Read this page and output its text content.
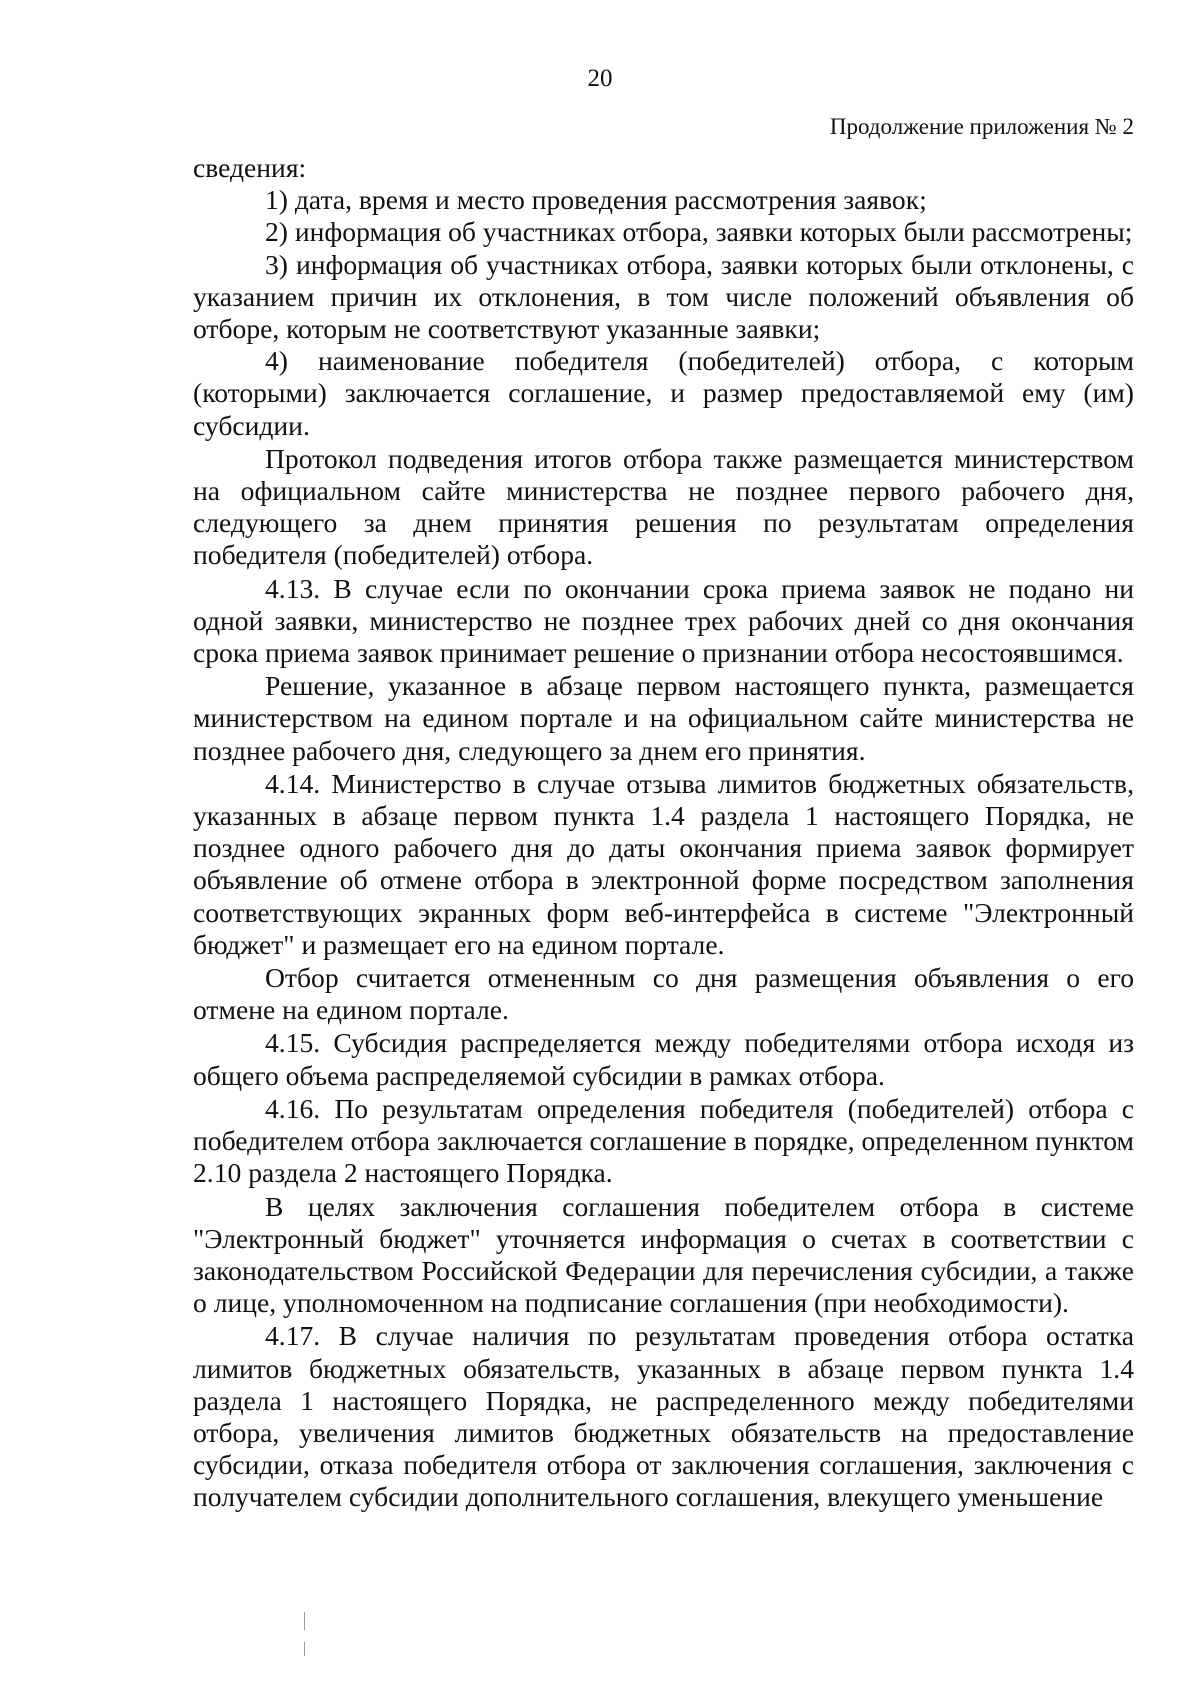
20
Продолжение приложения № 2

сведения:

1) дата, время и место проведения рассмотрения заявок;

2) информация об участниках отбора, заявки которых были рассмотрены;

3) информация об участниках отбора, заявки которых были отклонены, с указанием причин их отклонения, в том числе положений объявления об отборе, которым не соответствуют указанные заявки;

4) наименование победителя (победителей) отбора, с которым (которыми) заключается соглашение, и размер предоставляемой ему (им) субсидии.

Протокол подведения итогов отбора также размещается министерством на официальном сайте министерства не позднее первого рабочего дня, следующего за днем принятия решения по результатам определения победителя (победителей) отбора.

4.13. В случае если по окончании срока приема заявок не подано ни одной заявки, министерство не позднее трех рабочих дней со дня окончания срока приема заявок принимает решение о признании отбора несостоявшимся.

Решение, указанное в абзаце первом настоящего пункта, размещается министерством на едином портале и на официальном сайте министерства не позднее рабочего дня, следующего за днем его принятия.

4.14. Министерство в случае отзыва лимитов бюджетных обязательств, указанных в абзаце первом пункта 1.4 раздела 1 настоящего Порядка, не позднее одного рабочего дня до даты окончания приема заявок формирует объявление об отмене отбора в электронной форме посредством заполнения соответствующих экранных форм веб-интерфейса в системе "Электронный бюджет" и размещает его на едином портале.

Отбор считается отмененным со дня размещения объявления о его отмене на едином портале.

4.15. Субсидия распределяется между победителями отбора исходя из общего объема распределяемой субсидии в рамках отбора.

4.16. По результатам определения победителя (победителей) отбора с победителем отбора заключается соглашение в порядке, определенном пунктом 2.10 раздела 2 настоящего Порядка.

В целях заключения соглашения победителем отбора в системе "Электронный бюджет" уточняется информация о счетах в соответствии с законодательством Российской Федерации для перечисления субсидии, а также о лице, уполномоченном на подписание соглашения (при необходимости).

4.17. В случае наличия по результатам проведения отбора остатка лимитов бюджетных обязательств, указанных в абзаце первом пункта 1.4 раздела 1 настоящего Порядка, не распределенного между победителями отбора, увеличения лимитов бюджетных обязательств на предоставление субсидии, отказа победителя отбора от заключения соглашения, заключения с получателем субсидии дополнительного соглашения, влекущего уменьшение
